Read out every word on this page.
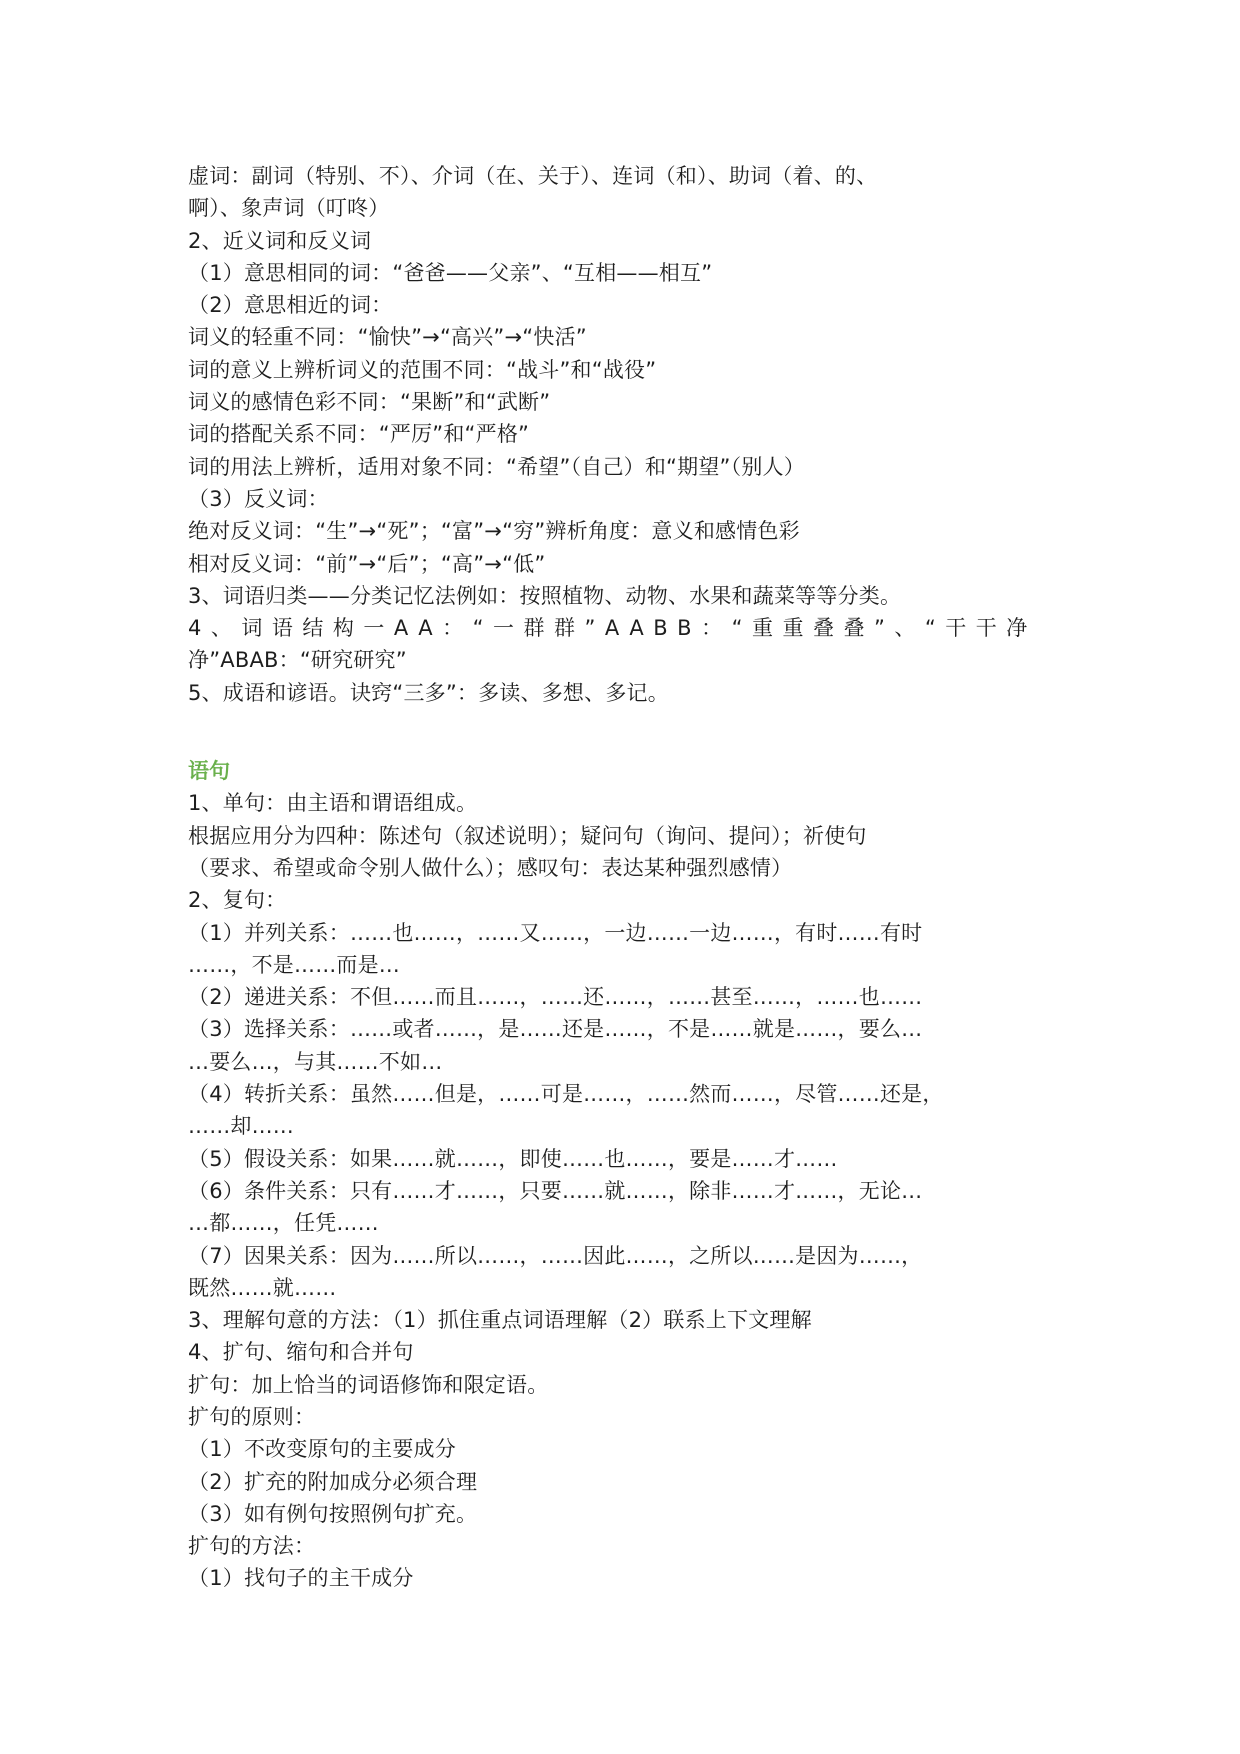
虚词：副词（特别、不）、介词（在、关于）、连词（和）、助词（着、的、
啊）、象声词（叮咚）
2、近义词和反义词
（1）意思相同的词：“爸爸——父亲”、“互相——相互”
（2）意思相近的词：
词义的轻重不同：“愉快”→“高兴”→“快活”
词的意义上辨析词义的范围不同：“战斗”和“战役”
词义的感情色彩不同：“果断”和“武断”
词的搭配关系不同：“严厉”和“严格”
词的用法上辨析，适用对象不同：“希望”（自己）和“期望”（别人）
（3）反义词：
绝对反义词：“生”→“死”；“富”→“穷”辨析角度：意义和感情色彩
相对反义词：“前”→“后”；“高”→“低”
3、词语归类——分类记忆法例如：按照植物、动物、水果和蔬菜等等分类。
4、词语结构一AA：“一群群”AABB：“重重叠叠”、“干干净
净”ABAB：“研究研究”
5、成语和谚语。诀窍“三多”：多读、多想、多记。
语句
1、单句：由主语和谓语组成。
根据应用分为四种：陈述句（叙述说明）；疑问句（询问、提问）；祈使句
（要求、希望或命令别人做什么）；感叹句：表达某种强烈感情）
2、复句：
（1）并列关系：……也……，……又……，一边……一边……，有时……有时
……，不是……而是…
（2）递进关系：不但……而且……，……还……，……甚至……，……也……
（3）选择关系：……或者……，是……还是……，不是……就是……，要么…
…要么…，与其……不如…
（4）转折关系：虽然……但是，……可是……，……然而……，尽管……还是，
……却……
（5）假设关系：如果……就……，即使……也……，要是……才……
（6）条件关系：只有……才……，只要……就……，除非……才……，无论…
…都……，任凭……
（7）因果关系：因为……所以……，……因此……，之所以……是因为……，
既然……就……
3、理解句意的方法：（1）抓住重点词语理解（2）联系上下文理解
4、扩句、缩句和合并句
扩句：加上恰当的词语修饰和限定语。
扩句的原则：
（1）不改变原句的主要成分
（2）扩充的附加成分必须合理
（3）如有例句按照例句扩充。
扩句的方法：
（1）找句子的主干成分
